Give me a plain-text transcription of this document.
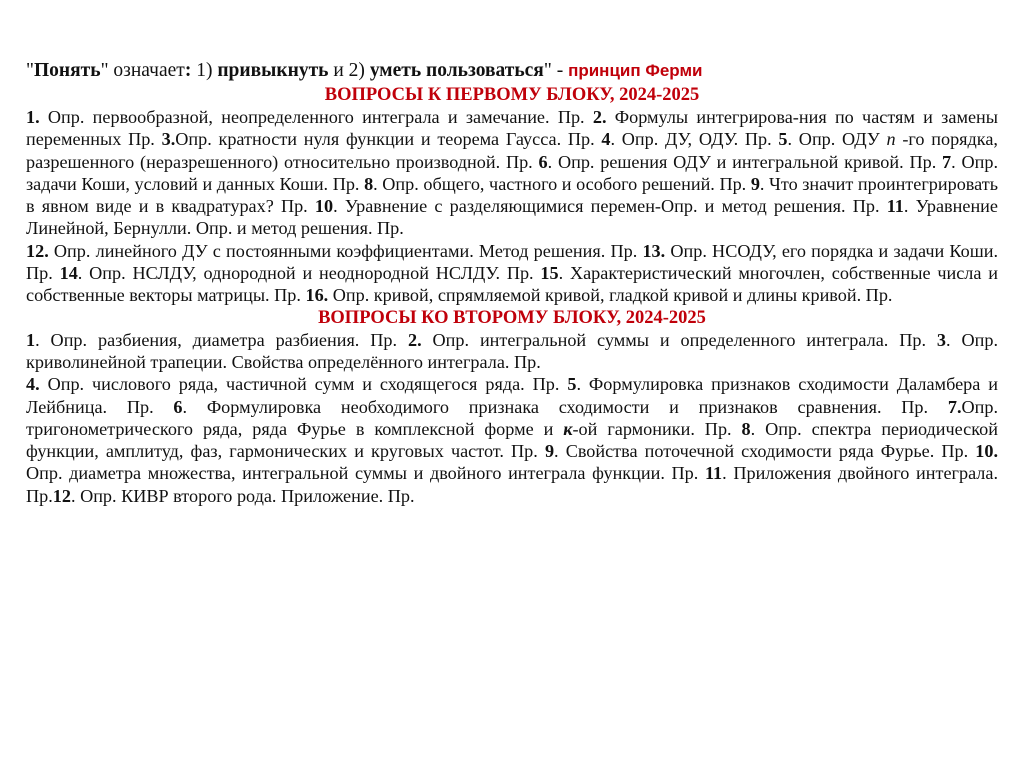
"Понять" означает: 1) привыкнуть и 2) уметь пользоваться" - принцип Ферми
ВОПРОСЫ К ПЕРВОМУ БЛОКУ, 2024-2025

1. Опр. первообразной, неопределенного интеграла и замечание. Пр. 2. Формулы интегрирова-ния по частям и замены переменных Пр. 3.Опр. кратности нуля функции и теорема Гаусса. Пр. 4. Опр. ДУ, ОДУ. Пр. 5. Опр. ОДУ n -го порядка, разрешенного (неразрешенного) относительно производной. Пр. 6. Опр. решения ОДУ и интегральной кривой. Пр. 7. Опр. задачи Коши, условий и данных Коши. Пр. 8. Опр. общего, частного и особого решений. Пр. 9. Что значит проинтегрировать в явном виде и в квадратурах? Пр. 10. Уравнение с разделяющимися перемен-Опр. и метод решения. Пр. 11. Уравнение Линейной, Бернулли. Опр. и метод решения. Пр.

12. Опр. линейного ДУ с постоянными коэффициентами. Метод решения. Пр. 13. Опр. НСОДУ, его порядка и задачи Коши. Пр. 14. Опр. НСЛДУ, однородной и неоднородной НСЛДУ. Пр. 15. Характеристический многочлен, собственные числа и собственные векторы матрицы. Пр. 16. Опр. кривой, спрямляемой кривой, гладкой кривой и длины кривой. Пр.

ВОПРОСЫ КО ВТОРОМУ БЛОКУ, 2024-2025

1. Опр. разбиения, диаметра разбиения. Пр. 2. Опр. интегральной суммы и определенного интеграла. Пр. 3. Опр. криволинейной трапеции. Свойства определённого интеграла. Пр.

4. Опр. числового ряда, частичной сумм и сходящегося ряда. Пр. 5. Формулировка признаков сходимости Даламбера и Лейбница. Пр. 6. Формулировка необходимого признака сходимости и признаков сравнения. Пр. 7.Опр. тригонометрического ряда, ряда Фурье в комплексной форме и к-ой гармоники. Пр. 8. Опр. спектра периодической функции, амплитуд, фаз, гармонических и круговых частот. Пр. 9. Свойства поточечной сходимости ряда Фурье. Пр. 10. Опр. диаметра множества, интегральной суммы и двойного интеграла функции. Пр. 11. Приложения двойного интеграла. Пр.12. Опр. КИВР второго рода. Приложение. Пр.
